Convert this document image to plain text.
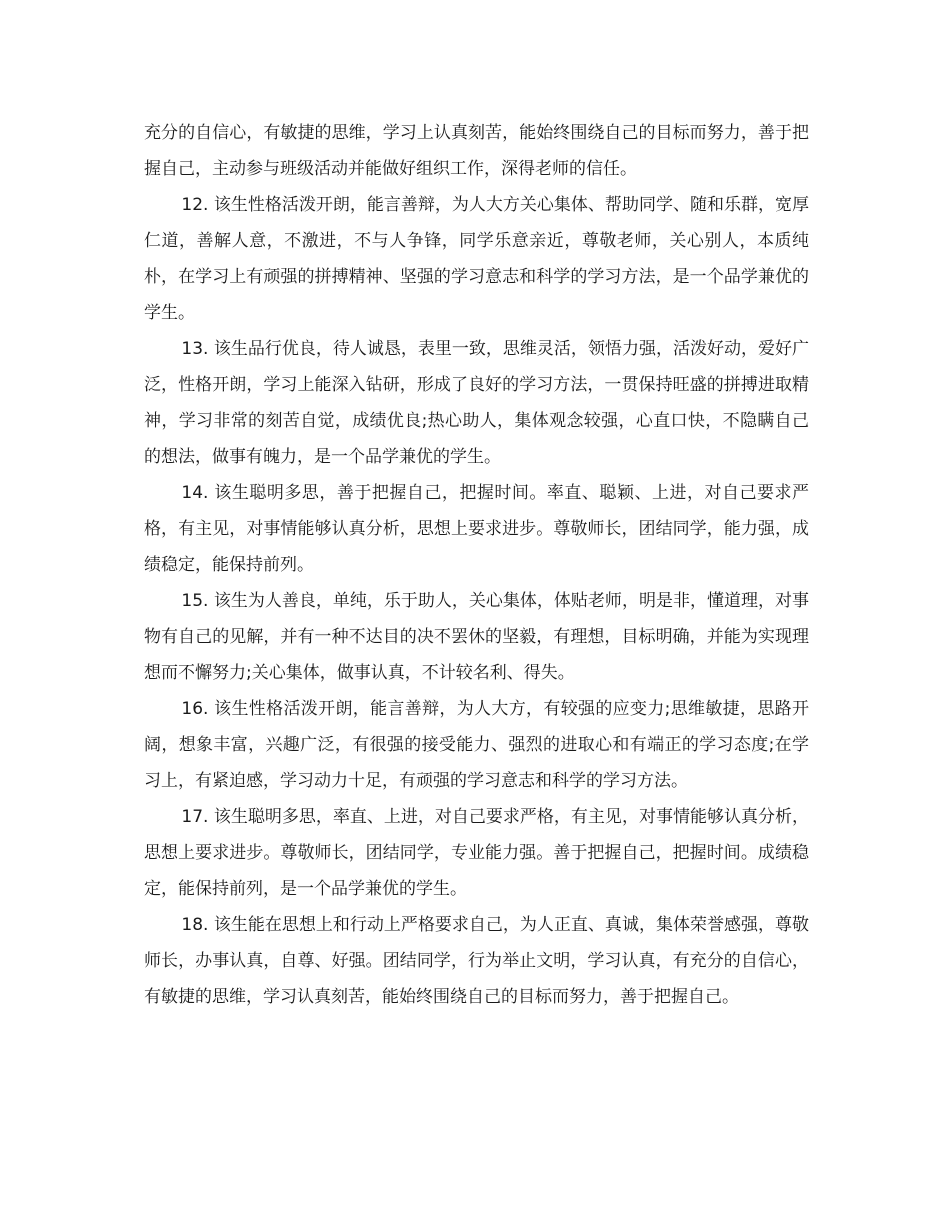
充分的自信心，有敏捷的思维，学习上认真刻苦，能始终围绕自己的目标而努力，善于把握自己，主动参与班级活动并能做好组织工作，深得老师的信任。

12. 该生性格活泼开朗，能言善辩，为人大方关心集体、帮助同学、随和乐群，宽厚仁道，善解人意，不激进，不与人争锋，同学乐意亲近，尊敬老师，关心别人，本质纯朴，在学习上有顽强的拼搏精神、坚强的学习意志和科学的学习方法，是一个品学兼优的学生。

13. 该生品行优良，待人诚恳，表里一致，思维灵活，领悟力强，活泼好动，爱好广泛，性格开朗，学习上能深入钻研，形成了良好的学习方法，一贯保持旺盛的拼搏进取精神，学习非常的刻苦自觉，成绩优良;热心助人，集体观念较强，心直口快，不隐瞒自己的想法，做事有魄力，是一个品学兼优的学生。

14. 该生聪明多思，善于把握自己，把握时间。率直、聪颖、上进，对自己要求严格，有主见，对事情能够认真分析，思想上要求进步。尊敬师长，团结同学，能力强，成绩稳定，能保持前列。

15. 该生为人善良，单纯，乐于助人，关心集体，体贴老师，明是非，懂道理，对事物有自己的见解，并有一种不达目的决不罢休的坚毅，有理想，目标明确，并能为实现理想而不懈努力;关心集体，做事认真，不计较名利、得失。

16. 该生性格活泼开朗，能言善辩，为人大方，有较强的应变力;思维敏捷，思路开阔，想象丰富，兴趣广泛，有很强的接受能力、强烈的进取心和有端正的学习态度;在学习上，有紧迫感，学习动力十足，有顽强的学习意志和科学的学习方法。

17. 该生聪明多思，率直、上进，对自己要求严格，有主见，对事情能够认真分析，思想上要求进步。尊敬师长，团结同学，专业能力强。善于把握自己，把握时间。成绩稳定，能保持前列，是一个品学兼优的学生。

18. 该生能在思想上和行动上严格要求自己，为人正直、真诚，集体荣誉感强，尊敬师长，办事认真，自尊、好强。团结同学，行为举止文明，学习认真，有充分的自信心，有敏捷的思维，学习认真刻苦，能始终围绕自己的目标而努力，善于把握自己。
